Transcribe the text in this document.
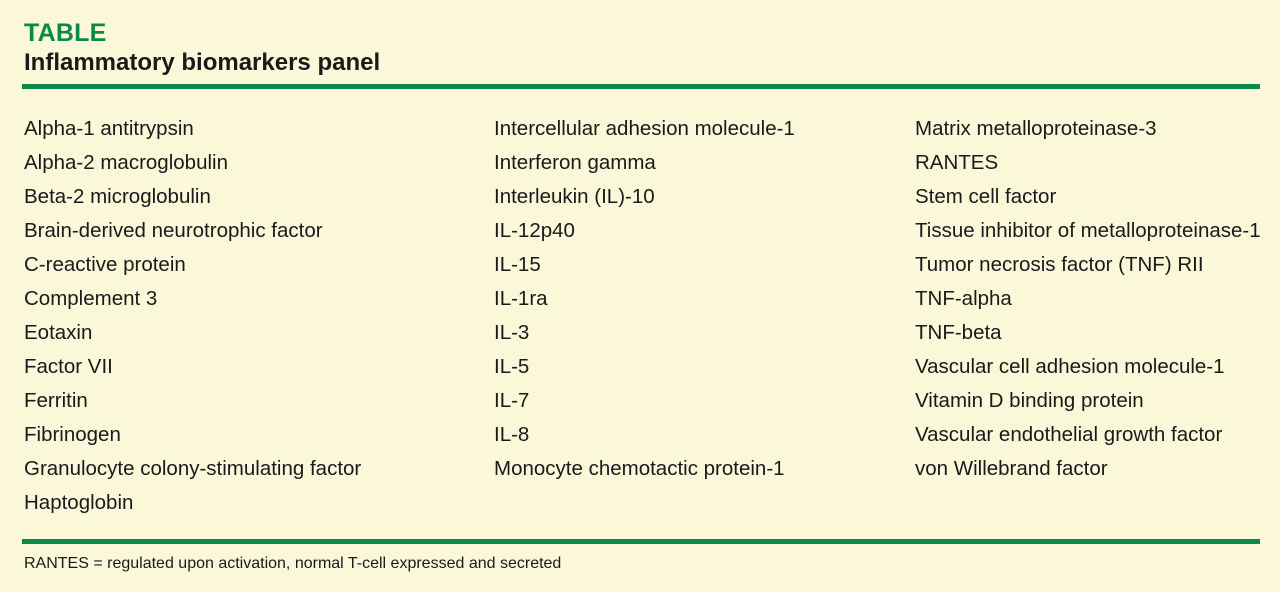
TABLE
Inflammatory biomarkers panel
Alpha-1 antitrypsin
Alpha-2 macroglobulin
Beta-2 microglobulin
Brain-derived neurotrophic factor
C-reactive protein
Complement 3
Eotaxin
Factor VII
Ferritin
Fibrinogen
Granulocyte colony-stimulating factor
Haptoglobin
Intercellular adhesion molecule-1
Interferon gamma
Interleukin (IL)-10
IL-12p40
IL-15
IL-1ra
IL-3
IL-5
IL-7
IL-8
Monocyte chemotactic protein-1
Matrix metalloproteinase-3
RANTES
Stem cell factor
Tissue inhibitor of metalloproteinase-1
Tumor necrosis factor (TNF) RII
TNF-alpha
TNF-beta
Vascular cell adhesion molecule-1
Vitamin D binding protein
Vascular endothelial growth factor
von Willebrand factor
RANTES = regulated upon activation, normal T-cell expressed and secreted
